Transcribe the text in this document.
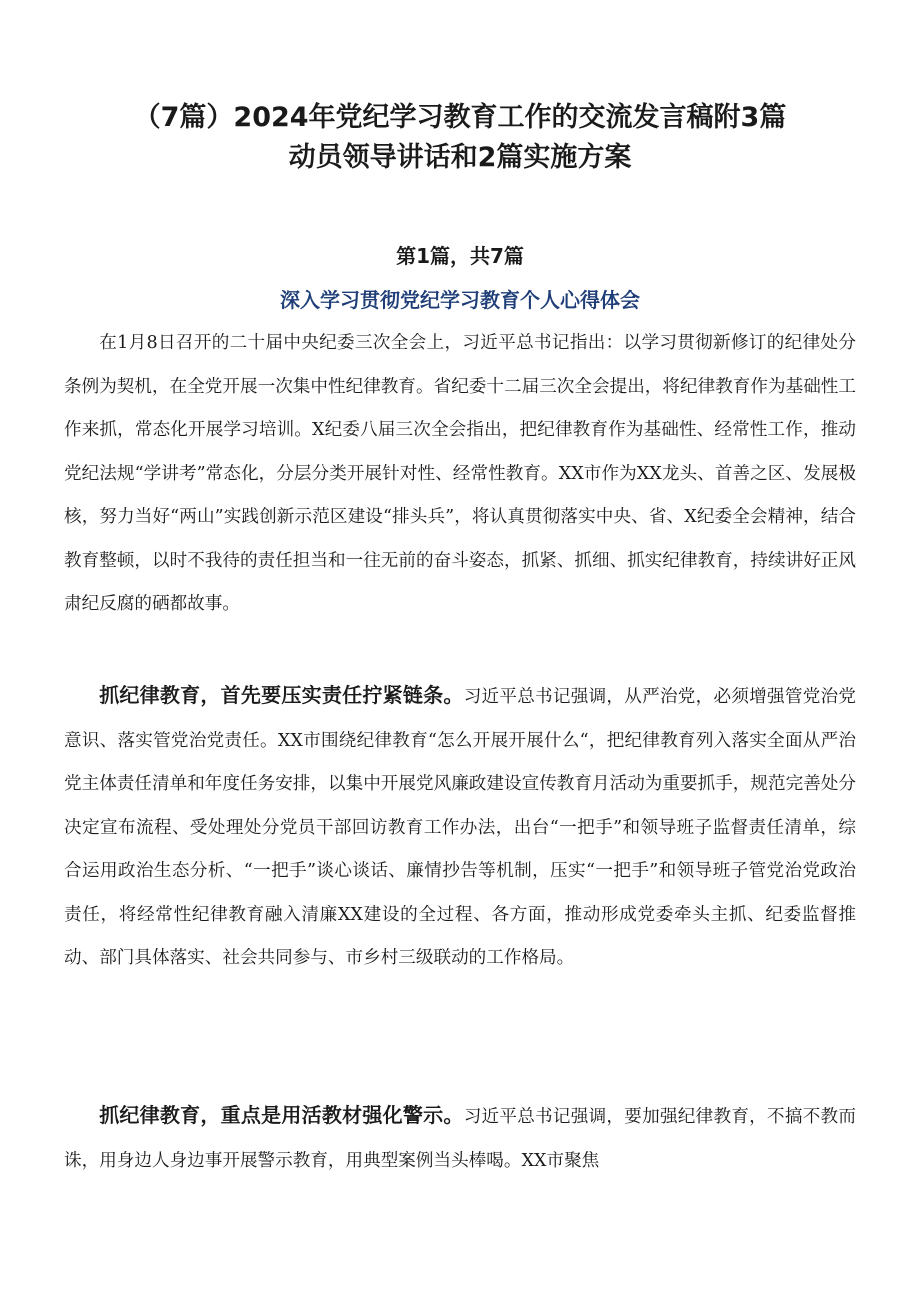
（7篇）2024年党纪学习教育工作的交流发言稿附3篇
动员领导讲话和2篇实施方案
第1篇，共7篇
深入学习贯彻党纪学习教育个人心得体会

在1月8日召开的二十届中央纪委三次全会上，习近平总书记指出：以学习贯彻新修订的纪律处分条例为契机，在全党开展一次集中性纪律教育。省纪委十二届三次全会提出，将纪律教育作为基础性工作来抓，常态化开展学习培训。X纪委八届三次全会指出，把纪律教育作为基础性、经常性工作，推动党纪法规“学讲考”常态化，分层分类开展针对性、经常性教育。XX市作为XX龙头、首善之区、发展极核，努力当好“两山”实践创新示范区建设“排头兵”，将认真贯彻落实中央、省、X纪委全会精神，结合教育整顿，以时不我待的责任担当和一往无前的奋斗姿态，抓紧、抓细、抓实纪律教育，持续讲好正风肃纪反腐的硒都故事。

抓纪律教育，首先要压实责任拧紧链条。习近平总书记强调，从严治党，必须增强管党治党意识、落实管党治党责任。XX市围绕纪律教育“怎么开展开展什么“，把纪律教育列入落实全面从严治党主体责任清单和年度任务安排，以集中开展党风廉政建设宣传教育月活动为重要抓手，规范完善处分决定宣布流程、受处理处分党员干部回访教育工作办法，出台“一把手”和领导班子监督责任清单，综合运用政治生态分析、“一把手”谈心谈话、廉情抄告等机制，压实“一把手”和领导班子管党治党政治责任，将经常性纪律教育融入清廉XX建设的全过程、各方面，推动形成党委牵头主抓、纪委监督推动、部门具体落实、社会共同参与、市乡村三级联动的工作格局。

抓纪律教育，重点是用活教材强化警示。习近平总书记强调，要加强纪律教育，不搞不教而诛，用身边人身边事开展警示教育，用典型案例当头棒喝。XX市聚焦
